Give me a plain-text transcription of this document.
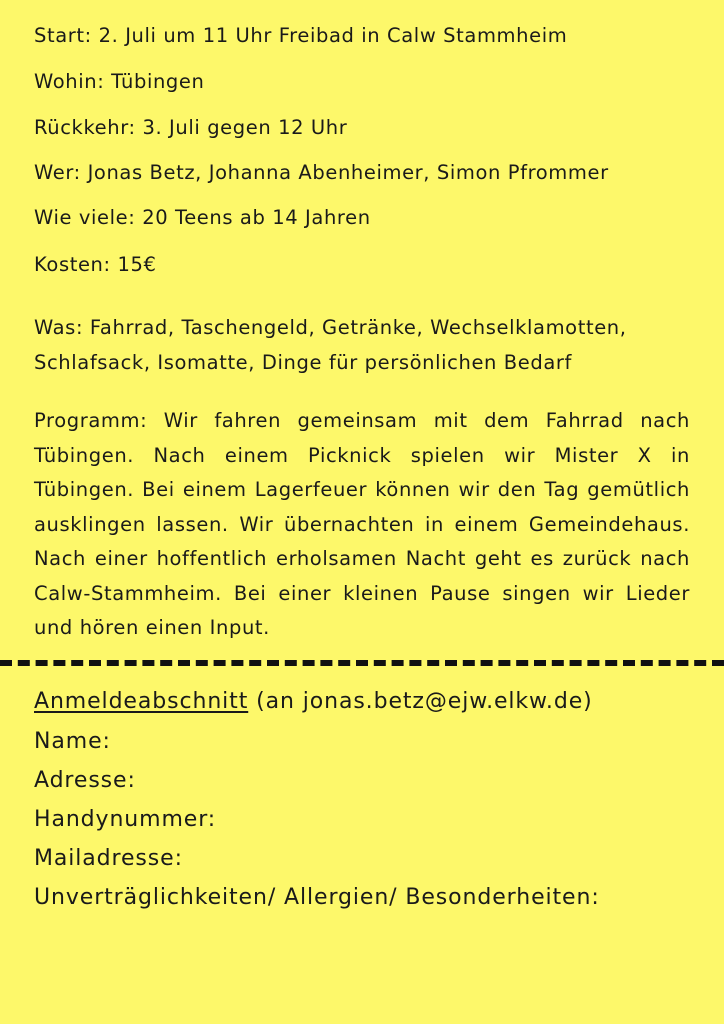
Start: 2. Juli um 11 Uhr Freibad in Calw Stammheim
Wohin: Tübingen
Rückkehr: 3. Juli gegen 12 Uhr
Wer: Jonas Betz, Johanna Abenheimer, Simon Pfrommer
Wie viele: 20 Teens ab 14 Jahren
Kosten: 15€
Was: Fahrrad, Taschengeld, Getränke, Wechselklamotten, Schlafsack, Isomatte, Dinge für persönlichen Bedarf
Programm: Wir fahren gemeinsam mit dem Fahrrad nach Tübingen. Nach einem Picknick spielen wir Mister X in Tübingen. Bei einem Lagerfeuer können wir den Tag gemütlich ausklingen lassen. Wir übernachten in einem Gemeindehaus. Nach einer hoffentlich erholsamen Nacht geht es zurück nach Calw-Stammheim. Bei einer kleinen Pause singen wir Lieder und hören einen Input.
Anmeldeabschnitt (an jonas.betz@ejw.elkw.de)
Name:
Adresse:
Handynummer:
Mailadresse:
Unverträglichkeiten/ Allergien/ Besonderheiten:
